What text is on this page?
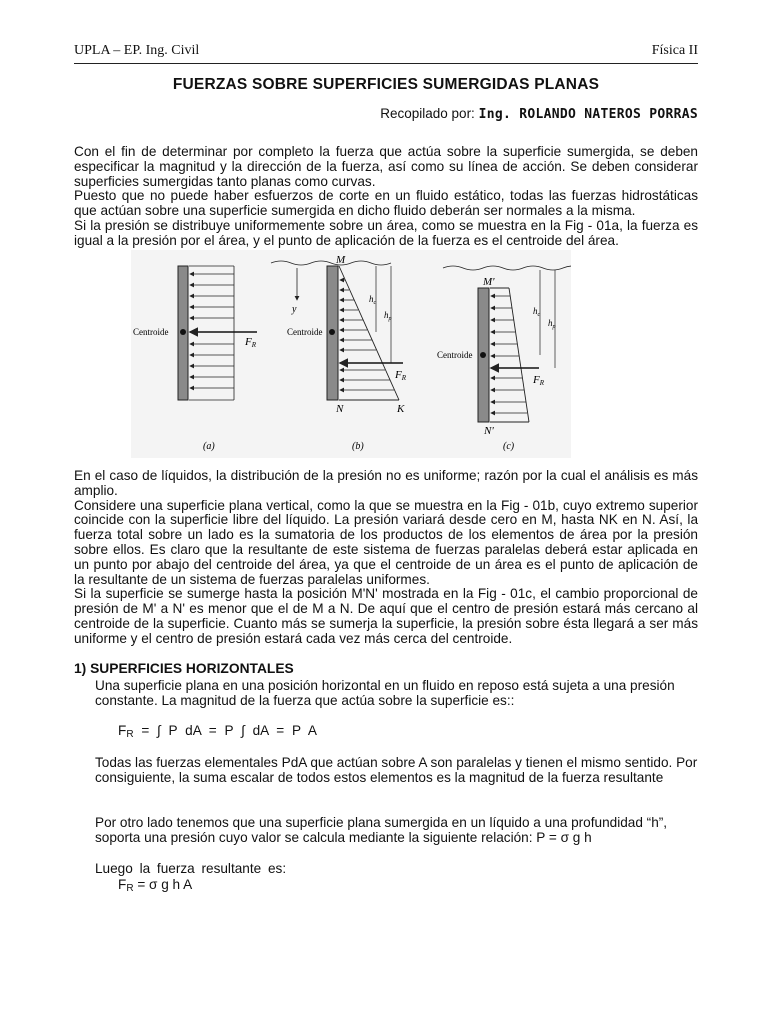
UPLA – EP. Ing. Civil	Física II
FUERZAS SOBRE SUPERFICIES SUMERGIDAS PLANAS
Recopilado por: Ing. ROLANDO NATEROS PORRAS
Con el fin de determinar por completo la fuerza que actúa sobre la superficie sumergida, se deben especificar la magnitud y la dirección de la fuerza, así como su línea de acción. Se deben considerar superficies sumergidas tanto planas como curvas.
Puesto que no puede haber esfuerzos de corte en un fluido estático, todas las fuerzas hidrostáticas que actúan sobre una superficie sumergida en dicho fluido deberán ser normales a la misma.
Si la presión se distribuye uniformemente sobre un área, como se muestra en la Fig - 01a, la fuerza es igual a la presión por el área, y el punto de aplicación de la fuerza es el centroide del área.
Centroide
FR
(a)
Centroide
y
$h_c$
$h_p$
FR
M
N	K
(b)
Centroide
$h_c$
$h_p$
FR
M'
N'
(c)
En el caso de líquidos, la distribución de la presión no es uniforme; razón por la cual el análisis es más amplio.
Considere una superficie plana vertical, como la que se muestra en la Fig - 01b, cuyo extremo superior coincide con la superficie libre del líquido. La presión variará desde cero en M, hasta NK en N. Así, la fuerza total sobre un lado es la sumatoria de los productos de los elementos de área por la presión sobre ellos. Es claro que la resultante de este sistema de fuerzas paralelas deberá estar aplicada en un punto por abajo del centroide del área, ya que el centroide de un área es el punto de aplicación de la resultante de un sistema de fuerzas paralelas uniformes.
Si la superficie se sumerge hasta la posición M'N' mostrada en la Fig - 01c, el cambio proporcional de presión de M' a N' es menor que el de M a N. De aquí que el centro de presión estará más cercano al centroide de la superficie. Cuanto más se sumerja la superficie, la presión sobre ésta llegará a ser más uniforme y el centro de presión estará cada vez más cerca del centroide.
1) SUPERFICIES HORIZONTALES
Una superficie plana en una posición horizontal en un fluido en reposo está sujeta a una presión constante. La magnitud de la fuerza que actúa sobre la superficie es::
$F_R$ = ∫ P dA = P ∫ dA = P A
Todas las fuerzas elementales PdA que actúan sobre A son paralelas y tienen el mismo sentido. Por consiguiente, la suma escalar de todos estos elementos es la magnitud de la fuerza resultante
Por otro lado tenemos que una superficie plana sumergida en un líquido a una profundidad “h”, soporta una presión cuyo valor se calcula mediante la siguiente relación: P = σ g h
Luego la fuerza resultante es:
$F_R = \sigma$ g h A
